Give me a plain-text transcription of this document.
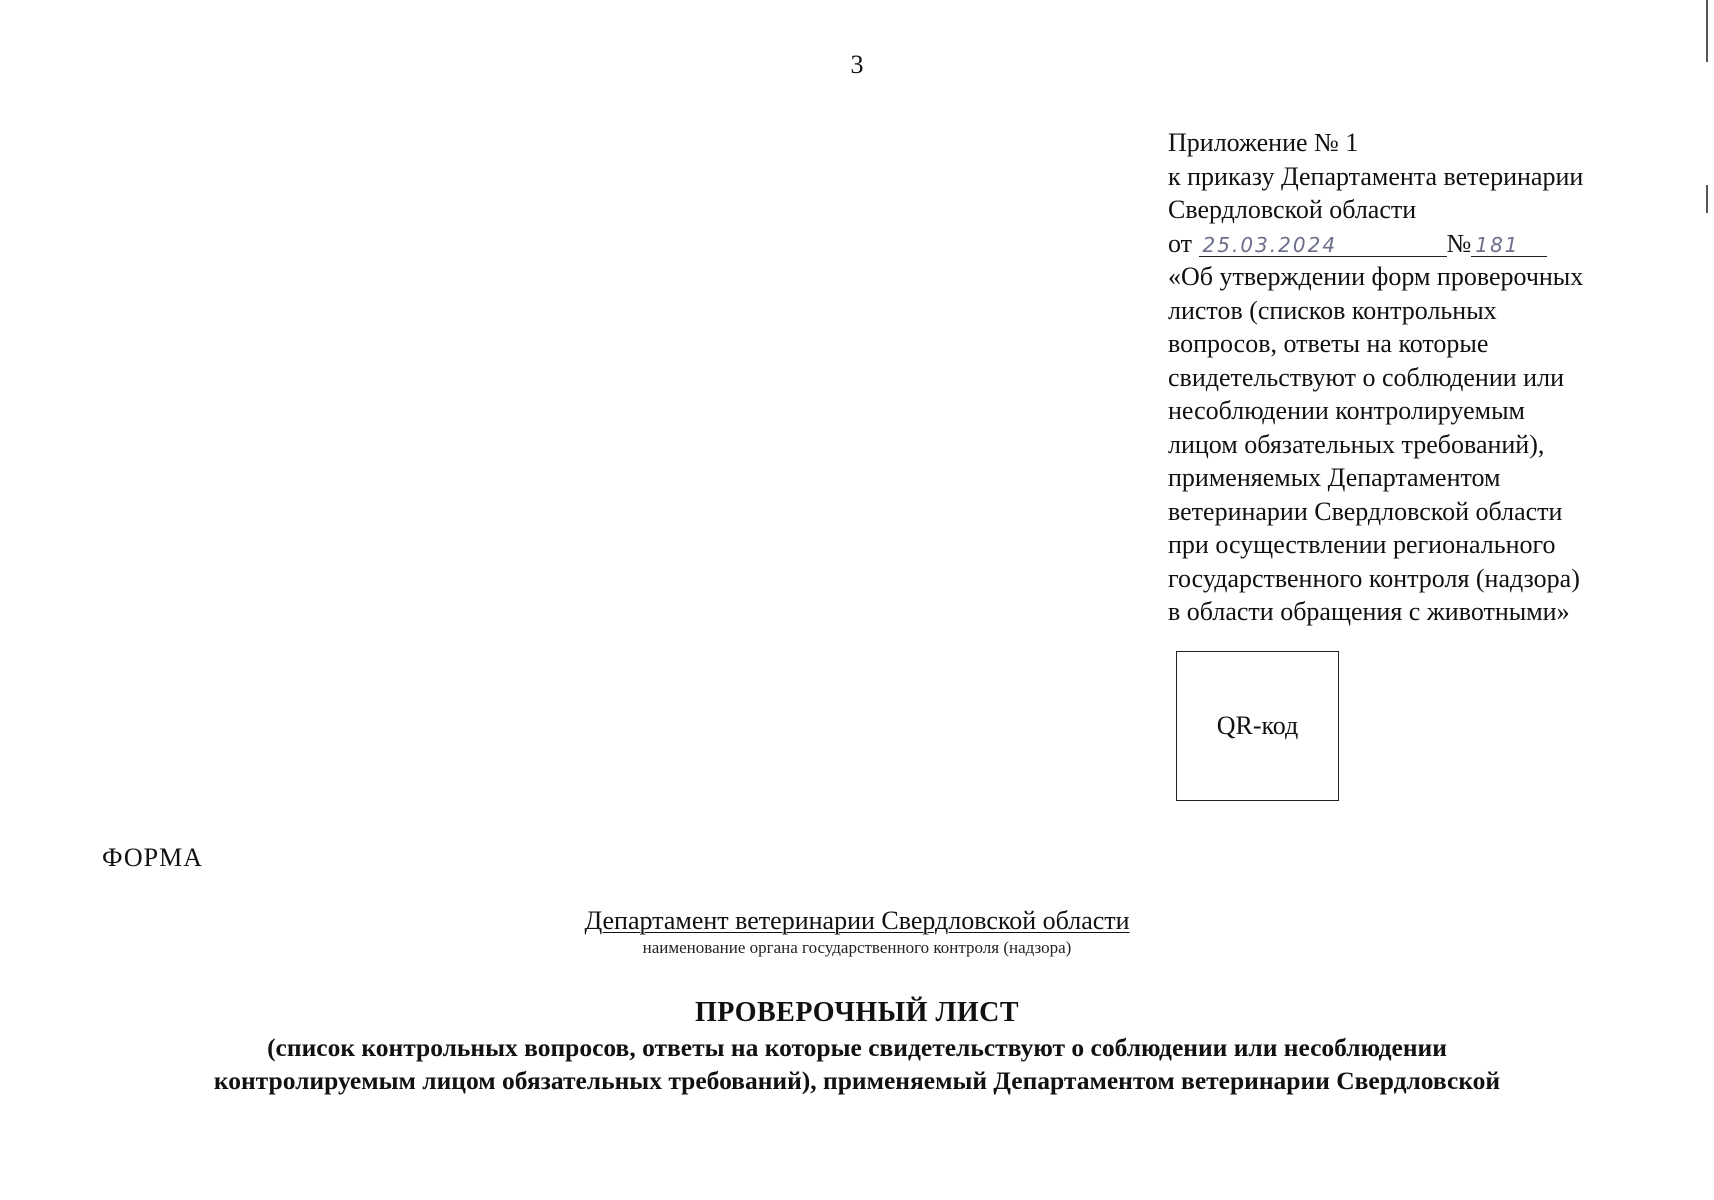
3
Приложение № 1
к приказу Департамента ветеринарии
Свердловской области
от 25.03.2024	№ 181
«Об утверждении форм проверочных
листов (списков контрольных
вопросов, ответы на которые
свидетельствуют о соблюдении или
несоблюдении контролируемым
лицом обязательных требований),
применяемых Департаментом
ветеринарии Свердловской области
при осуществлении регионального
государственного контроля (надзора)
в области обращения с животными»
QR-код
ФОРМА
Департамент ветеринарии Свердловской области
наименование органа государственного контроля (надзора)
ПРОВЕРОЧНЫЙ ЛИСТ
(список контрольных вопросов, ответы на которые свидетельствуют о соблюдении или несоблюдении
контролируемым лицом обязательных требований), применяемый Департаментом ветеринарии Свердловской
